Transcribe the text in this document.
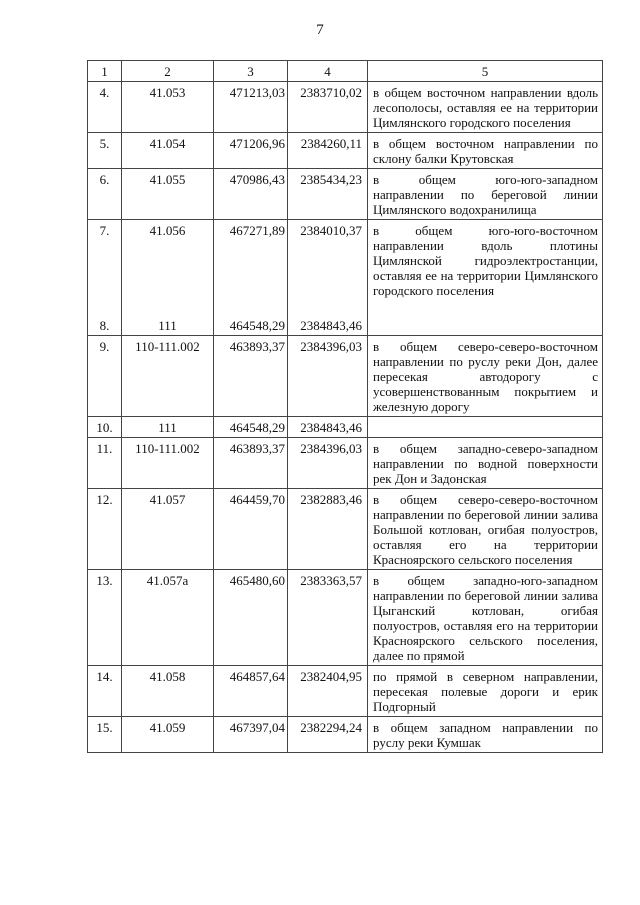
7
1	2	3	4	5
4.	41.053	471213,03	2383710,02	в общем восточном направлении вдоль лесополосы, оставляя ее на территории Цимлянского городского поселения
5.	41.054	471206,96	2384260,11	в общем восточном направлении по склону балки Крутовская
6.	41.055	470986,43	2385434,23	в общем юго-юго-западном направлении по береговой линии Цимлянского водохранилища
7.	41.056	467271,89	2384010,37	в общем юго-юго-восточном направлении вдоль плотины Цимлянской гидроэлектростанции, оставляя ее на территории Цимлянского городского поселения
8.	111	464548,29	2384843,46	
9.	110-111.002	463893,37	2384396,03	в общем северо-северо-восточном направлении по руслу реки Дон, далее пересекая автодорогу с усовершенствованным покрытием и железную дорогу
10.	111	464548,29	2384843,46	
11.	110-111.002	463893,37	2384396,03	в общем западно-северо-западном направлении по водной поверхности рек Дон и Задонская
12.	41.057	464459,70	2382883,46	в общем северо-северо-восточном направлении по береговой линии залива Большой котлован, огибая полуостров, оставляя его на территории Красноярского сельского поселения
13.	41.057а	465480,60	2383363,57	в общем западно-юго-западном направлении по береговой линии залива Цыганский котлован, огибая полуостров, оставляя его на территории Красноярского сельского поселения, далее по прямой
14.	41.058	464857,64	2382404,95	по прямой в северном направлении, пересекая полевые дороги и ерик Подгорный
15.	41.059	467397,04	2382294,24	в общем западном направлении по руслу реки Кумшак
